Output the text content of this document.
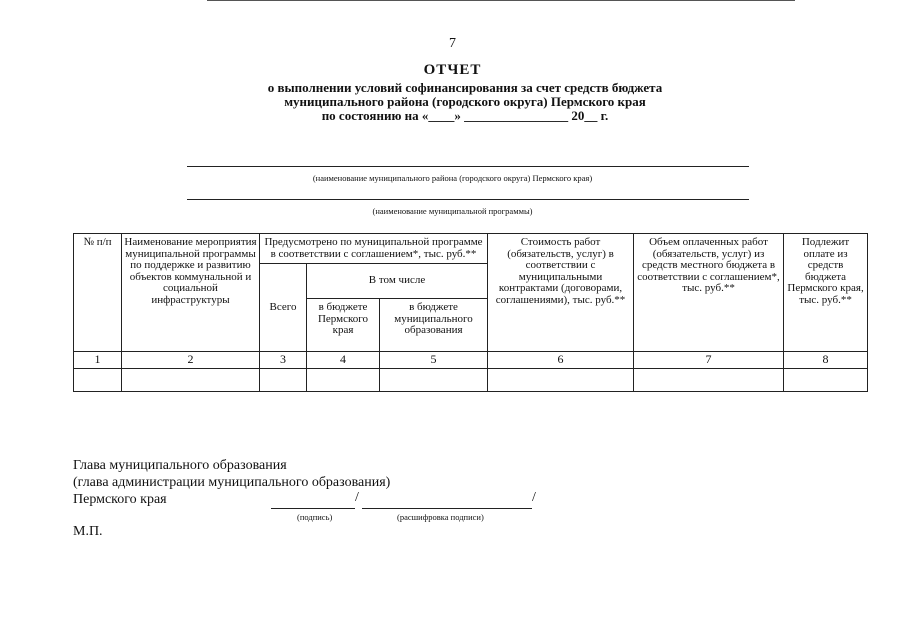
7
ОТЧЕТ
о выполнении условий софинансирования за счет средств бюджета
муниципального района (городского округа) Пермского края
по состоянию на «____» ________________ 20__ г.
(наименование муниципального района (городского округа) Пермского края)
(наименование муниципальной программы)
№ п/п	Наименование мероприятия муниципальной программы по поддержке и развитию объектов коммунальной и социальной инфраструктуры	Предусмотрено по муниципальной программе в соответствии с соглашением*, тыс. руб.**			Стоимость работ (обязательств, услуг) в соответствии с муниципальными контрактами (договорами, соглашениями), тыс. руб.**	Объем оплаченных работ (обязательств, услуг) из средств местного бюджета в соответствии с соглашением*, тыс. руб.**	Подлежит оплате из средств бюджета Пермского края, тыс. руб.**
		Всего	В том числе				
			в бюджете Пермского края	в бюджете муниципального образования			
1	2	3	4	5	6	7	8

Глава муниципального образования
(глава администрации муниципального образования)
Пермского края	/	/
(подпись)	(расшифровка подписи)
М.П.
